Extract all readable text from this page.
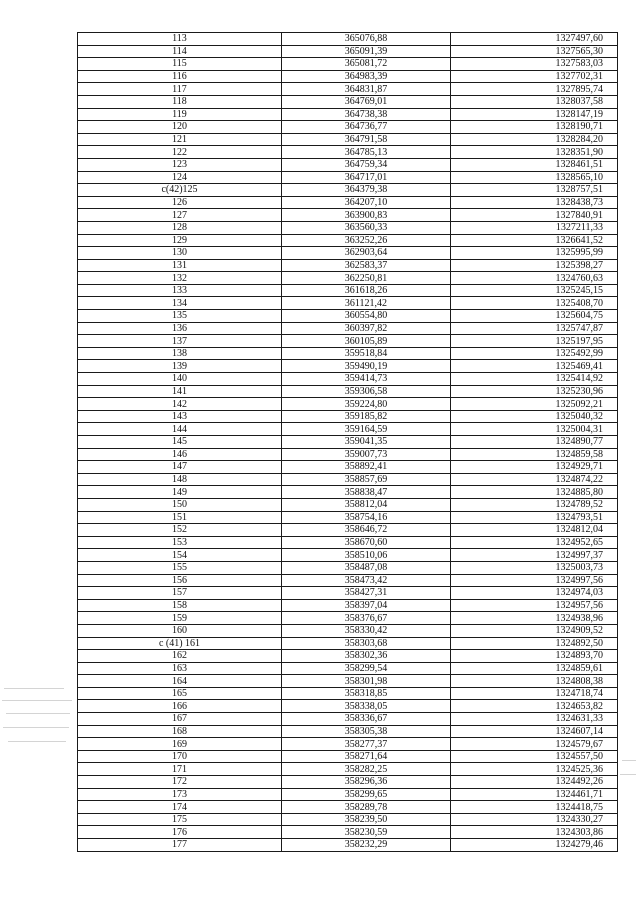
113	365076,88	1327497,60
114	365091,39	1327565,30
115	365081,72	1327583,03
116	364983,39	1327702,31
117	364831,87	1327895,74
118	364769,01	1328037,58
119	364738,38	1328147,19
120	364736,77	1328190,71
121	364791,58	1328284,20
122	364785,13	1328351,90
123	364759,34	1328461,51
124	364717,01	1328565,10
с(42)125	364379,38	1328757,51
126	364207,10	1328438,73
127	363900,83	1327840,91
128	363560,33	1327211,33
129	363252,26	1326641,52
130	362903,64	1325995,99
131	362583,37	1325398,27
132	362250,81	1324760,63
133	361618,26	1325245,15
134	361121,42	1325408,70
135	360554,80	1325604,75
136	360397,82	1325747,87
137	360105,89	1325197,95
138	359518,84	1325492,99
139	359490,19	1325469,41
140	359414,73	1325414,92
141	359306,58	1325230,96
142	359224,80	1325092,21
143	359185,82	1325040,32
144	359164,59	1325004,31
145	359041,35	1324890,77
146	359007,73	1324859,58
147	358892,41	1324929,71
148	358857,69	1324874,22
149	358838,47	1324885,80
150	358812,04	1324789,52
151	358754,16	1324793,51
152	358646,72	1324812,04
153	358670,60	1324952,65
154	358510,06	1324997,37
155	358487,08	1325003,73
156	358473,42	1324997,56
157	358427,31	1324974,03
158	358397,04	1324957,56
159	358376,67	1324938,96
160	358330,42	1324909,52
с (41) 161	358303,68	1324892,50
162	358302,36	1324893,70
163	358299,54	1324859,61
164	358301,98	1324808,38
165	358318,85	1324718,74
166	358338,05	1324653,82
167	358336,67	1324631,33
168	358305,38	1324607,14
169	358277,37	1324579,67
170	358271,64	1324557,50
171	358282,25	1324525,36
172	358296,36	1324492,26
173	358299,65	1324461,71
174	358289,78	1324418,75
175	358239,50	1324330,27
176	358230,59	1324303,86
177	358232,29	1324279,46
